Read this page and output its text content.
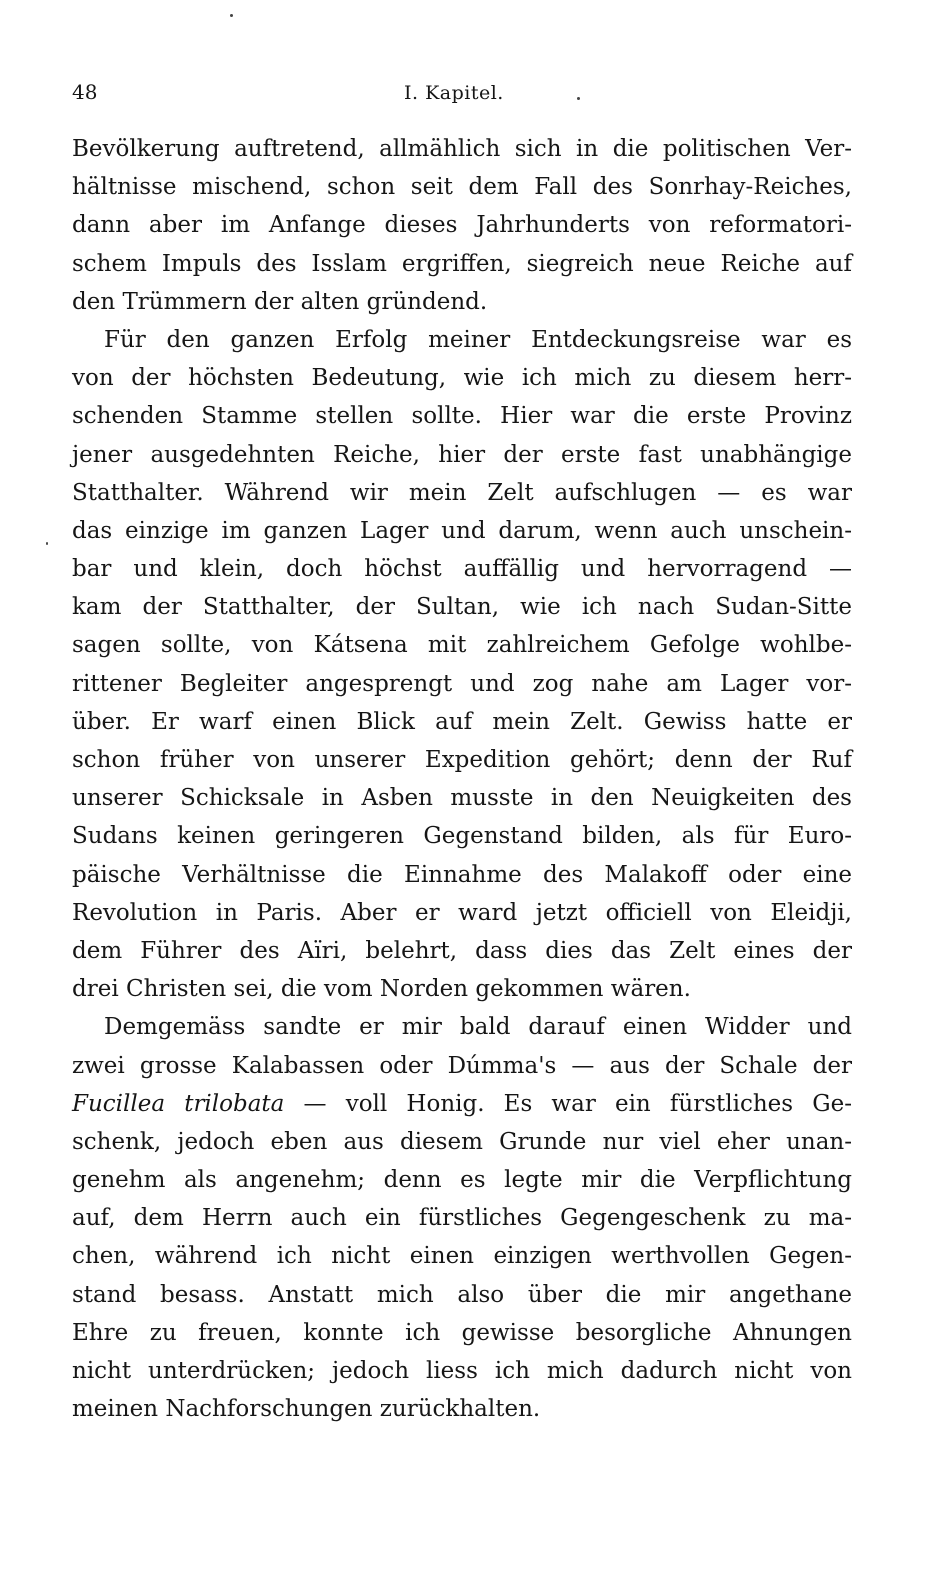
48	I. Kapitel.
Bevölkerung auftretend, allmählich sich in die politischen Ver-
hältnisse mischend, schon seit dem Fall des Sonrhay-Reiches,
dann aber im Anfange dieses Jahrhunderts von reformatori-
schem Impuls des Isslam ergriffen, siegreich neue Reiche auf
den Trümmern der alten gründend.
Für den ganzen Erfolg meiner Entdeckungsreise war es
von der höchsten Bedeutung, wie ich mich zu diesem herr-
schenden Stamme stellen sollte. Hier war die erste Provinz
jener ausgedehnten Reiche, hier der erste fast unabhängige
Statthalter. Während wir mein Zelt aufschlugen — es war
das einzige im ganzen Lager und darum, wenn auch unschein-
bar und klein, doch höchst auffällig und hervorragend —
kam der Statthalter, der Sultan, wie ich nach Sudan-Sitte
sagen sollte, von Kátsena mit zahlreichem Gefolge wohlbe-
rittener Begleiter angesprengt und zog nahe am Lager vor-
über. Er warf einen Blick auf mein Zelt. Gewiss hatte er
schon früher von unserer Expedition gehört; denn der Ruf
unserer Schicksale in Asben musste in den Neuigkeiten des
Sudans keinen geringeren Gegenstand bilden, als für Euro-
päische Verhältnisse die Einnahme des Malakoff oder eine
Revolution in Paris. Aber er ward jetzt officiell von Eleidji,
dem Führer des Aïri, belehrt, dass dies das Zelt eines der
drei Christen sei, die vom Norden gekommen wären.
Demgemäss sandte er mir bald darauf einen Widder und
zwei grosse Kalabassen oder Dúmma's — aus der Schale der
Fucillea trilobata — voll Honig. Es war ein fürstliches Ge-
schenk, jedoch eben aus diesem Grunde nur viel eher unan-
genehm als angenehm; denn es legte mir die Verpflichtung
auf, dem Herrn auch ein fürstliches Gegengeschenk zu ma-
chen, während ich nicht einen einzigen werthvollen Gegen-
stand besass. Anstatt mich also über die mir angethane
Ehre zu freuen, konnte ich gewisse besorgliche Ahnungen
nicht unterdrücken; jedoch liess ich mich dadurch nicht von
meinen Nachforschungen zurückhalten.
